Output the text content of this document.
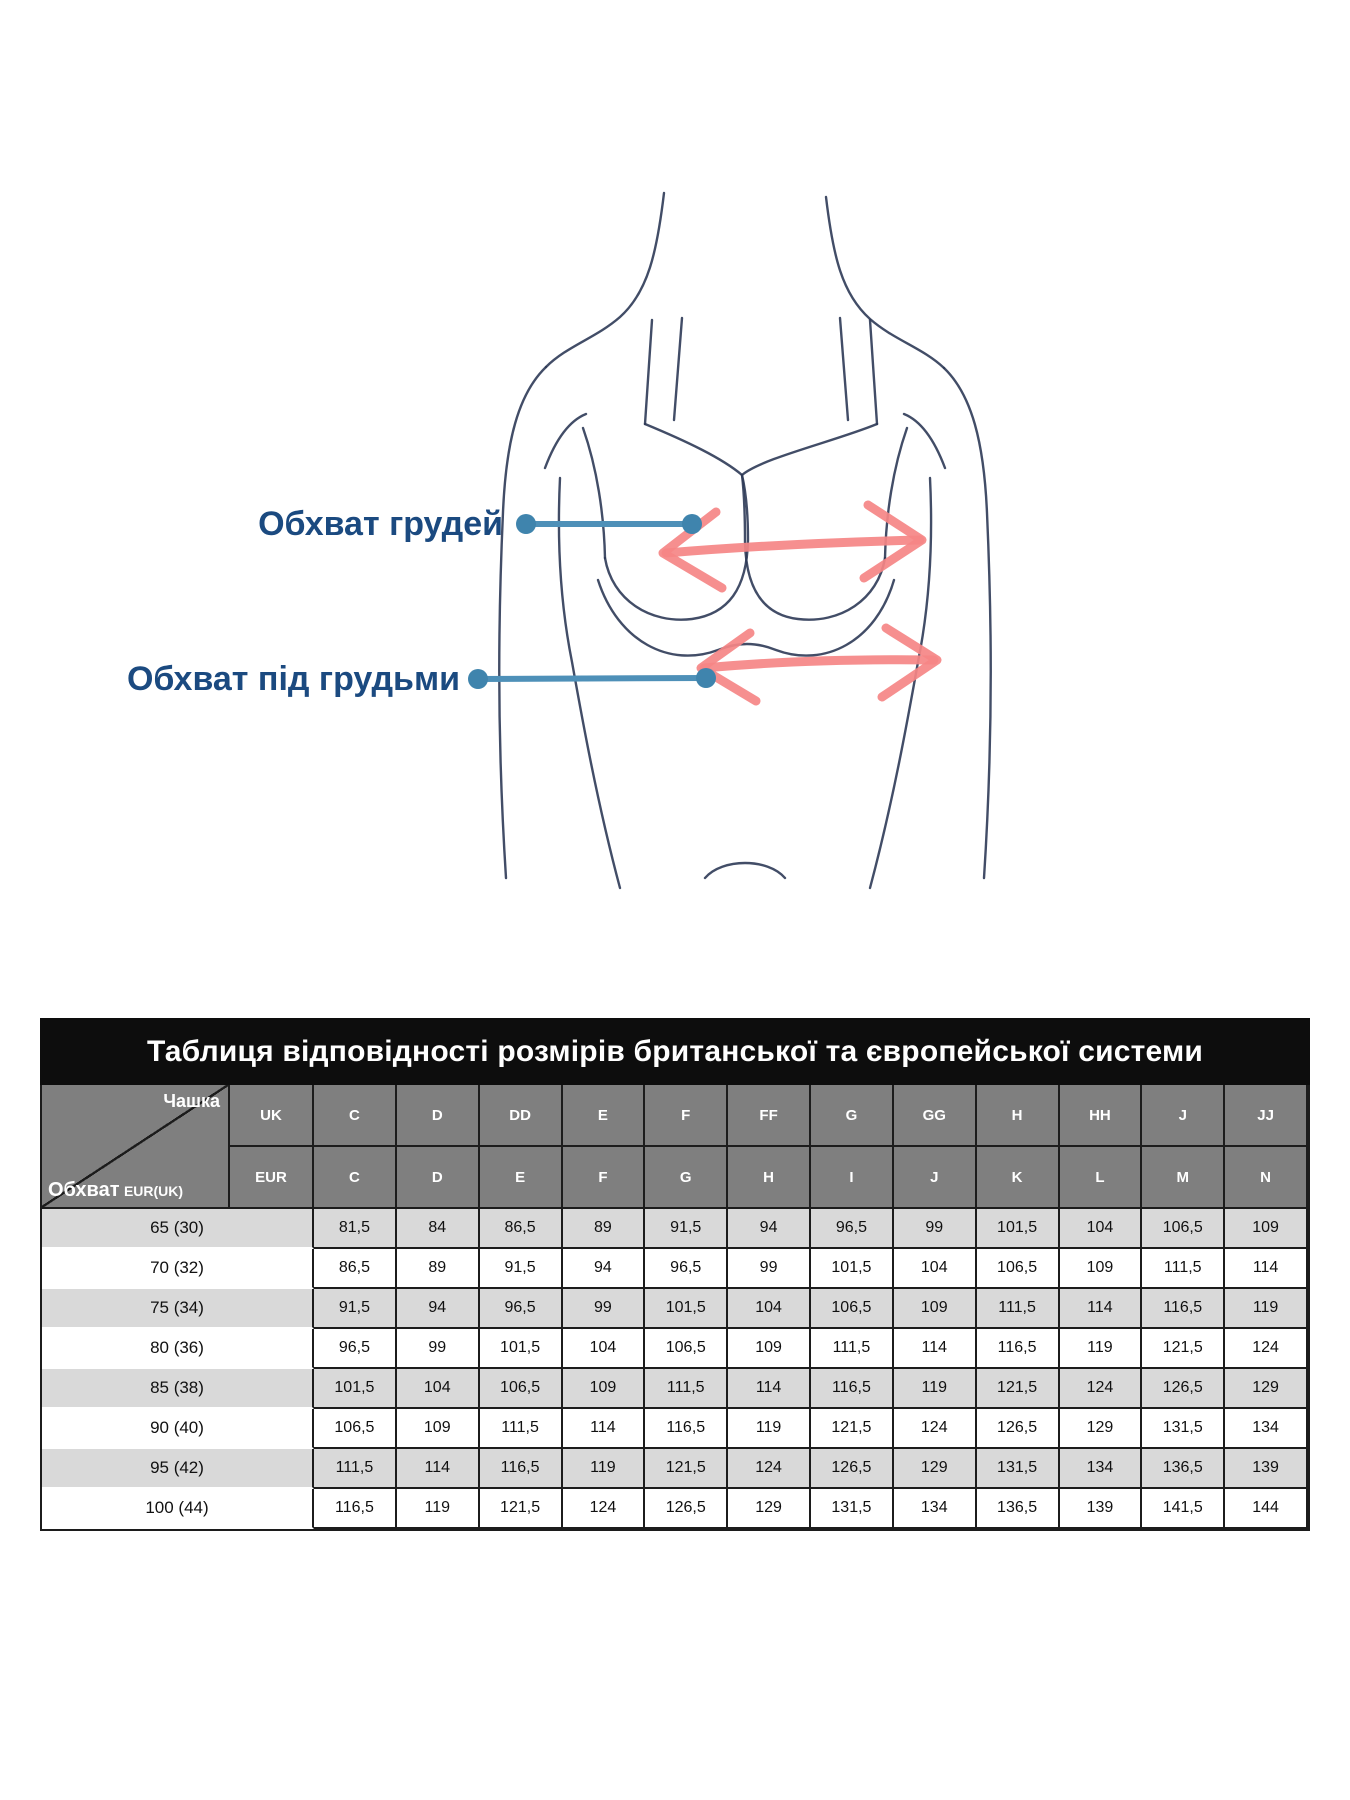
Обхват грудей
Обхват під грудьми
Таблиця відповідності розмірів британської та європейської системи
Чашка
Обхват EUR(UK)
UK
EUR
C	D	DD	E	F	FF	G	GG	H	HH	J	JJ
C	D	E	F	G	H	I	J	K	L	M	N
65 (30)	81,5	84	86,5	89	91,5	94	96,5	99	101,5	104	106,5	109
70 (32)	86,5	89	91,5	94	96,5	99	101,5	104	106,5	109	111,5	114
75 (34)	91,5	94	96,5	99	101,5	104	106,5	109	111,5	114	116,5	119
80 (36)	96,5	99	101,5	104	106,5	109	111,5	114	116,5	119	121,5	124
85 (38)	101,5	104	106,5	109	111,5	114	116,5	119	121,5	124	126,5	129
90 (40)	106,5	109	111,5	114	116,5	119	121,5	124	126,5	129	131,5	134
95 (42)	111,5	114	116,5	119	121,5	124	126,5	129	131,5	134	136,5	139
100 (44)	116,5	119	121,5	124	126,5	129	131,5	134	136,5	139	141,5	144
